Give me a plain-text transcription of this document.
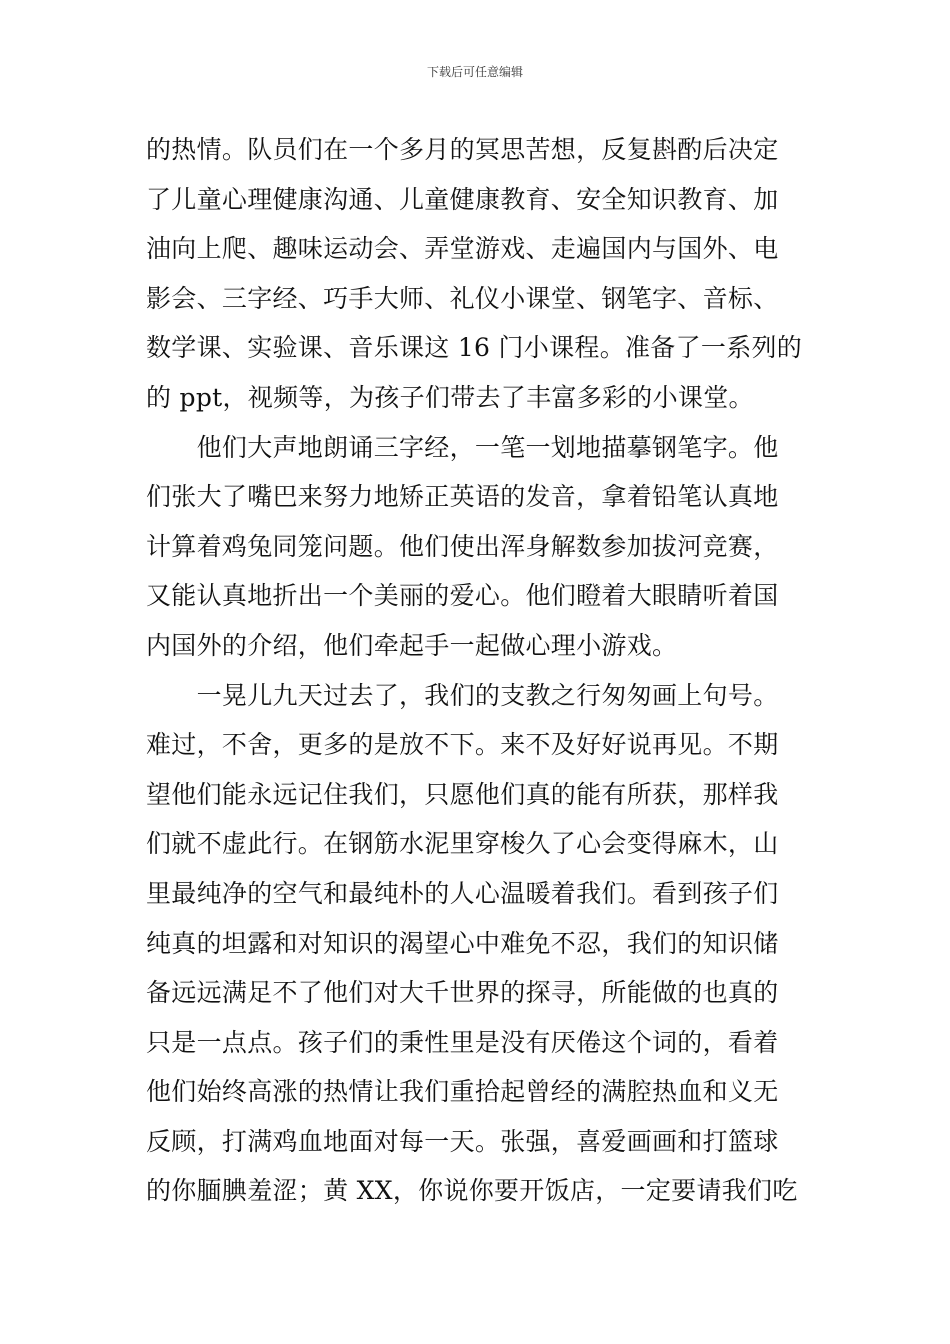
下载后可任意编辑
的热情。队员们在一个多月的冥思苦想，反复斟酌后决定
了儿童心理健康沟通、儿童健康教育、安全知识教育、加
油向上爬、趣味运动会、弄堂游戏、走遍国内与国外、电
影会、三字经、巧手大师、礼仪小课堂、钢笔字、音标、
数学课、实验课、音乐课这 16 门小课程。准备了一系列的
的 ppt，视频等，为孩子们带去了丰富多彩的小课堂。
　　他们大声地朗诵三字经，一笔一划地描摹钢笔字。他
们张大了嘴巴来努力地矫正英语的发音，拿着铅笔认真地
计算着鸡兔同笼问题。他们使出浑身解数参加拔河竞赛，
又能认真地折出一个美丽的爱心。他们瞪着大眼睛听着国
内国外的介绍，他们牵起手一起做心理小游戏。
　　一晃儿九天过去了，我们的支教之行匆匆画上句号。
难过，不舍，更多的是放不下。来不及好好说再见。不期
望他们能永远记住我们，只愿他们真的能有所获，那样我
们就不虚此行。在钢筋水泥里穿梭久了心会变得麻木，山
里最纯净的空气和最纯朴的人心温暖着我们。看到孩子们
纯真的坦露和对知识的渴望心中难免不忍，我们的知识储
备远远满足不了他们对大千世界的探寻，所能做的也真的
只是一点点。孩子们的秉性里是没有厌倦这个词的，看着
他们始终高涨的热情让我们重拾起曾经的满腔热血和义无
反顾，打满鸡血地面对每一天。张强，喜爱画画和打篮球
的你腼腆羞涩；黄 XX，你说你要开饭店，一定要请我们吃
